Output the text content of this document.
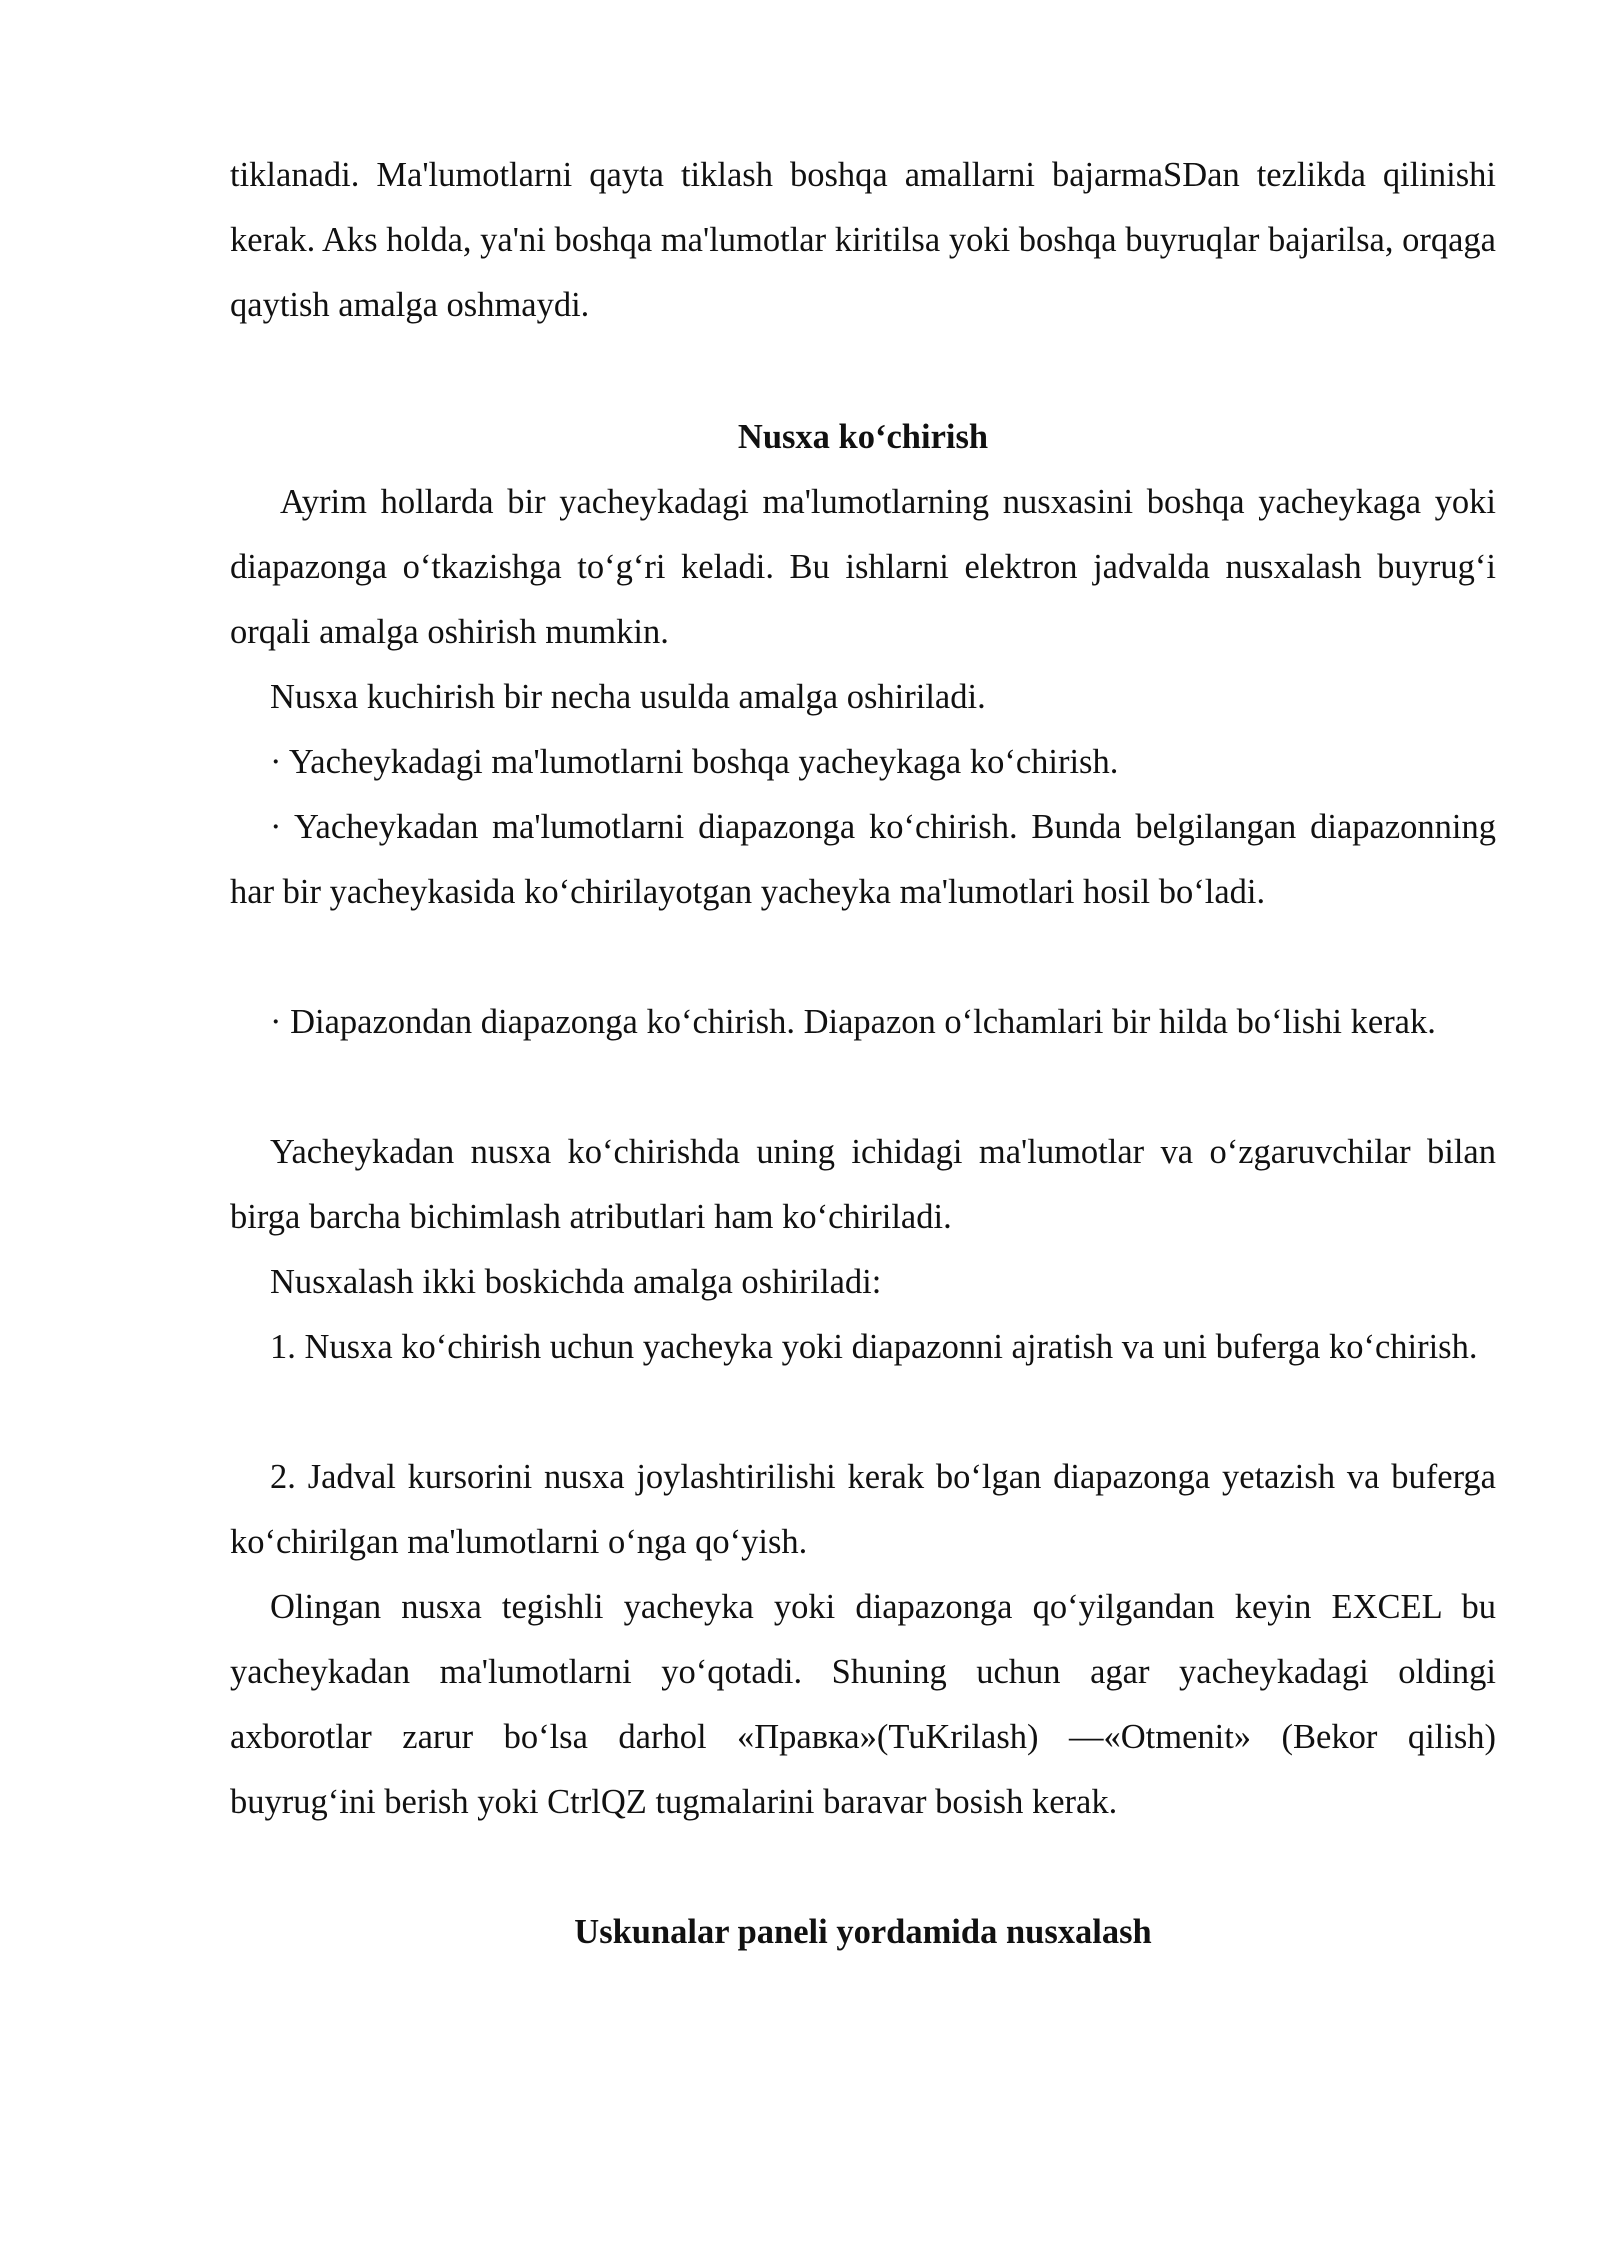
tiklanadi. Ma'lumotlarni qayta tiklash boshqa amallarni bajarmaSDan tezlikda qilinishi kerak. Aks holda, ya'ni boshqa ma'lumotlar kiritilsa yoki boshqa buyruqlar bajarilsa, orqaga qaytish amalga oshmaydi.

Nusxa koʻchirish

Ayrim hollarda bir yacheykadagi ma'lumotlarning nusxasini boshqa yacheykaga yoki diapazonga oʻtkazishga toʻgʻri keladi. Bu ishlarni elektron jadvalda nusxalash buyrugʻi orqali amalga oshirish mumkin.

Nusxa kuchirish bir necha usulda amalga oshiriladi.

· Yacheykadagi ma'lumotlarni boshqa yacheykaga koʻchirish.

· Yacheykadan ma'lumotlarni diapazonga koʻchirish. Bunda belgilangan diapazonning har bir yacheykasida koʻchirilayotgan yacheyka ma'lumotlari hosil boʻladi.

· Diapazondan diapazonga koʻchirish. Diapazon oʻlchamlari bir hilda boʻlishi kerak.

Yacheykadan nusxa koʻchirishda uning ichidagi ma'lumotlar va oʻzgaruvchilar bilan birga barcha bichimlash atributlari ham koʻchiriladi.

Nusxalash ikki boskichda amalga oshiriladi:

1. Nusxa koʻchirish uchun yacheyka yoki diapazonni ajratish va uni buferga koʻchirish.

2. Jadval kursorini nusxa joylashtirilishi kerak boʻlgan diapazonga yetazish va buferga koʻchirilgan ma'lumotlarni oʻnga qoʻyish.

Olingan nusxa tegishli yacheyka yoki diapazonga qoʻyilgandan keyin EXCEL bu yacheykadan ma'lumotlarni yoʻqotadi. Shuning uchun agar yacheykadagi oldingi axborotlar zarur boʻlsa darhol «Правка»(TuKrilash) —«Otmenit» (Bekor qilish) buyrugʻini berish yoki CtrlQZ tugmalarini baravar bosish kerak.

Uskunalar paneli yordamida nusxalash
